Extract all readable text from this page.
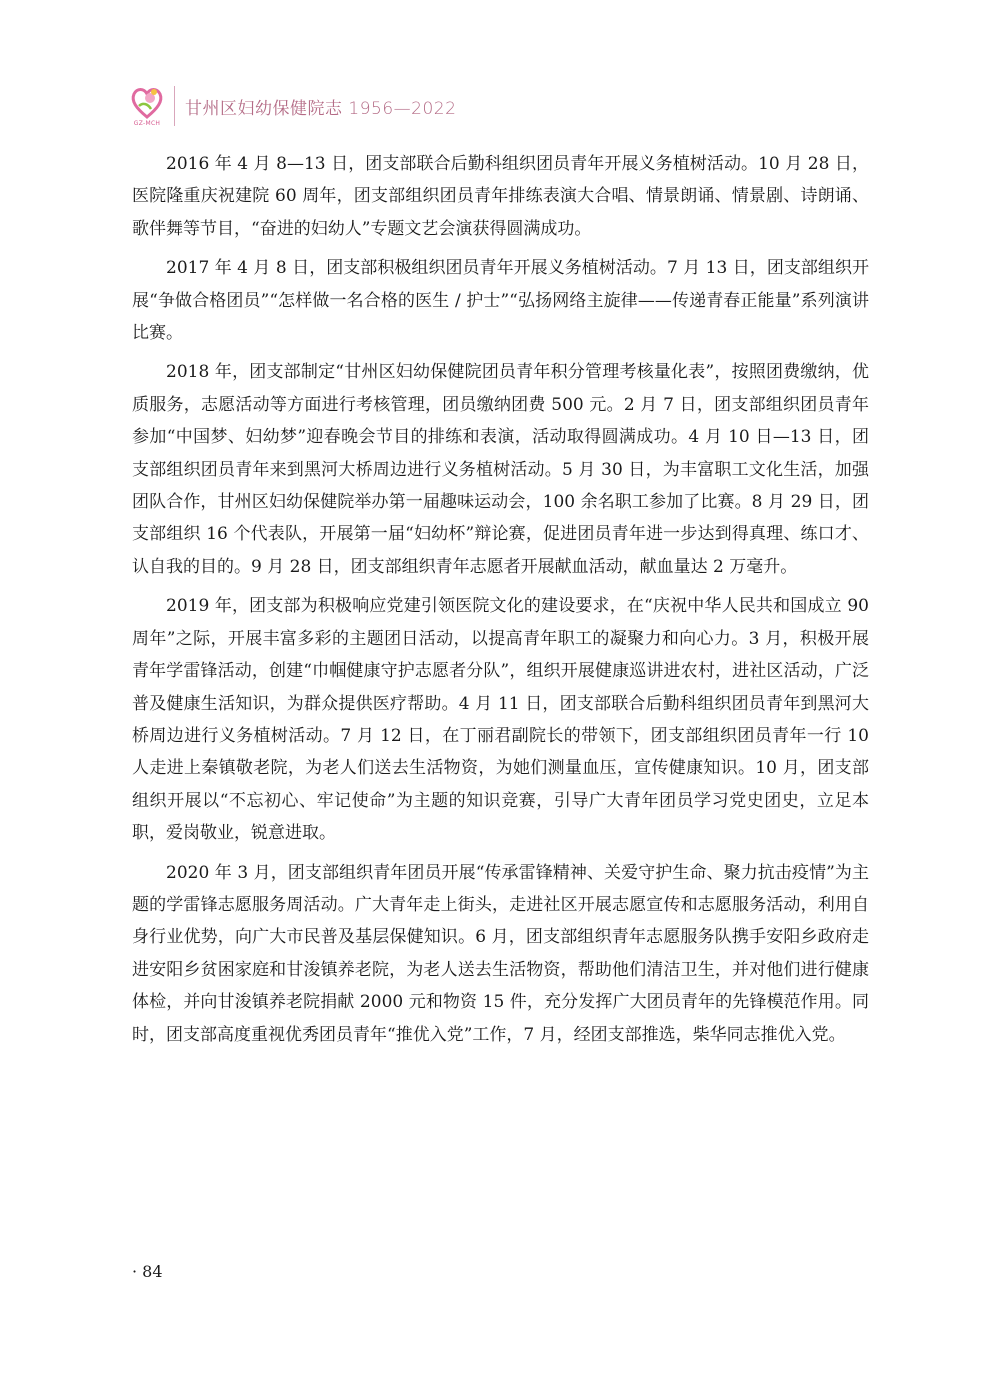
GZ-MCH
甘州区妇幼保健院志 1956—2022

2016 年 4 月 8—13 日，团支部联合后勤科组织团员青年开展义务植树活动。10 月 28 日，医院隆重庆祝建院 60 周年，团支部组织团员青年排练表演大合唱、情景朗诵、情景剧、诗朗诵、歌伴舞等节目，“奋进的妇幼人”专题文艺会演获得圆满成功。

2017 年 4 月 8 日，团支部积极组织团员青年开展义务植树活动。7 月 13 日，团支部组织开展“争做合格团员”“怎样做一名合格的医生 / 护士”“弘扬网络主旋律——传递青春正能量”系列演讲比赛。

2018 年，团支部制定“甘州区妇幼保健院团员青年积分管理考核量化表”，按照团费缴纳，优质服务，志愿活动等方面进行考核管理，团员缴纳团费 500 元。2 月 7 日，团支部组织团员青年参加“中国梦、妇幼梦”迎春晚会节目的排练和表演，活动取得圆满成功。4 月 10 日—13 日，团支部组织团员青年来到黑河大桥周边进行义务植树活动。5 月 30 日，为丰富职工文化生活，加强团队合作，甘州区妇幼保健院举办第一届趣味运动会，100 余名职工参加了比赛。8 月 29 日，团支部组织 16 个代表队，开展第一届“妇幼杯”辩论赛，促进团员青年进一步达到得真理、练口才、认自我的目的。9 月 28 日，团支部组织青年志愿者开展献血活动，献血量达 2 万毫升。

2019 年，团支部为积极响应党建引领医院文化的建设要求，在“庆祝中华人民共和国成立 90 周年”之际，开展丰富多彩的主题团日活动，以提高青年职工的凝聚力和向心力。3 月，积极开展青年学雷锋活动，创建“巾帼健康守护志愿者分队”，组织开展健康巡讲进农村，进社区活动，广泛普及健康生活知识，为群众提供医疗帮助。4 月 11 日，团支部联合后勤科组织团员青年到黑河大桥周边进行义务植树活动。7 月 12 日，在丁丽君副院长的带领下，团支部组织团员青年一行 10 人走进上秦镇敬老院，为老人们送去生活物资，为她们测量血压，宣传健康知识。10 月，团支部组织开展以“不忘初心、牢记使命”为主题的知识竞赛，引导广大青年团员学习党史团史，立足本职，爱岗敬业，锐意进取。

2020 年 3 月，团支部组织青年团员开展“传承雷锋精神、关爱守护生命、聚力抗击疫情”为主题的学雷锋志愿服务周活动。广大青年走上街头，走进社区开展志愿宣传和志愿服务活动，利用自身行业优势，向广大市民普及基层保健知识。6 月，团支部组织青年志愿服务队携手安阳乡政府走进安阳乡贫困家庭和甘浚镇养老院，为老人送去生活物资，帮助他们清洁卫生，并对他们进行健康体检，并向甘浚镇养老院捐献 2000 元和物资 15 件，充分发挥广大团员青年的先锋模范作用。同时，团支部高度重视优秀团员青年“推优入党”工作，7 月，经团支部推选，柴华同志推优入党。

· 84
